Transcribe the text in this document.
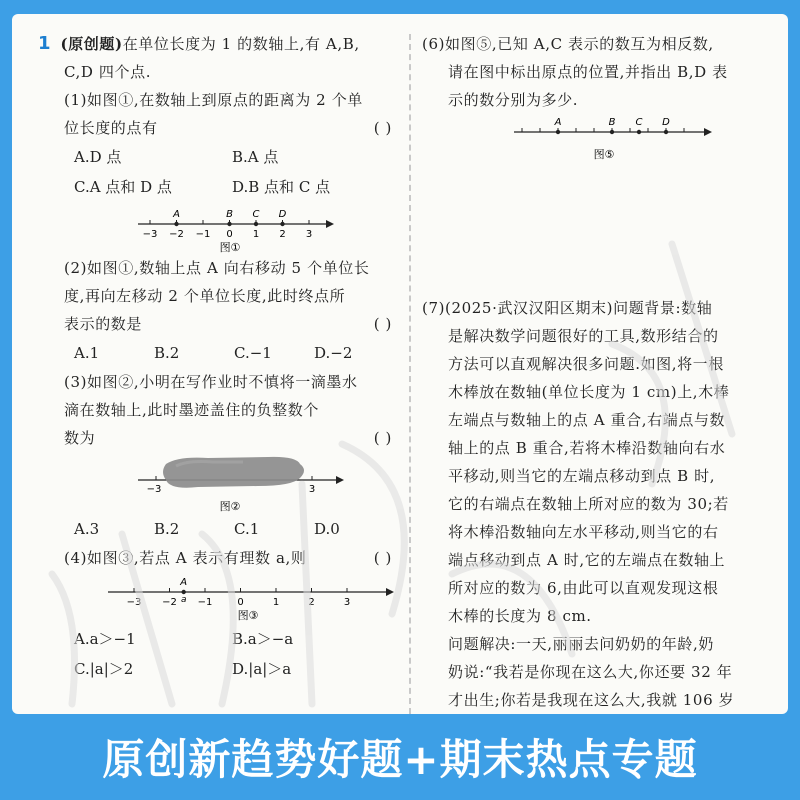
1 (原创题)在单位长度为 1 的数轴上,有 A,B,
C,D 四个点.
(1)如图①,在数轴上到原点的距离为 2 个单
位长度的点有	( )
A.D 点	B.A 点
C.A 点和 D 点	D.B 点和 C 点
−3 −2 −1 0 1 2 3
A	B C D
图①
(2)如图①,数轴上点 A 向右移动 5 个单位长
度,再向左移动 2 个单位长度,此时终点所
表示的数是	( )
A.1	B.2	C.−1	D.−2
(3)如图②,小明在写作业时不慎将一滴墨水
滴在数轴上,此时墨迹盖住的负整数个
数为	( )
−3	3
图②
A.3	B.2	C.1	D.0
(4)如图③,若点 A 表示有理数 a,则	( )
−3 −2 −1 0	1	2	3
A
a
图③
A.a＞−1	B.a＞−a
C.|a|＞2	D.|a|＞a
(6)如图⑤,已知 A,C 表示的数互为相反数,
请在图中标出原点的位置,并指出 B,D 表
示的数分别为多少.
A	B C D
图⑤
(7)(2025·武汉汉阳区期末)问题背景:数轴
是解决数学问题很好的工具,数形结合的
方法可以直观解决很多问题.如图,将一根
木棒放在数轴(单位长度为 1 cm)上,木棒
左端点与数轴上的点 A 重合,右端点与数
轴上的点 B 重合,若将木棒沿数轴向右水
平移动,则当它的左端点移动到点 B 时,
它的右端点在数轴上所对应的数为 30;若
将木棒沿数轴向左水平移动,则当它的右
端点移动到点 A 时,它的左端点在数轴上
所对应的数为 6,由此可以直观发现这根
木棒的长度为 8 cm.
问题解决:一天,丽丽去问奶奶的年龄,奶
奶说:“我若是你现在这么大,你还要 32 年
才出生;你若是我现在这么大,我就 106 岁
原创新趋势好题+期末热点专题
